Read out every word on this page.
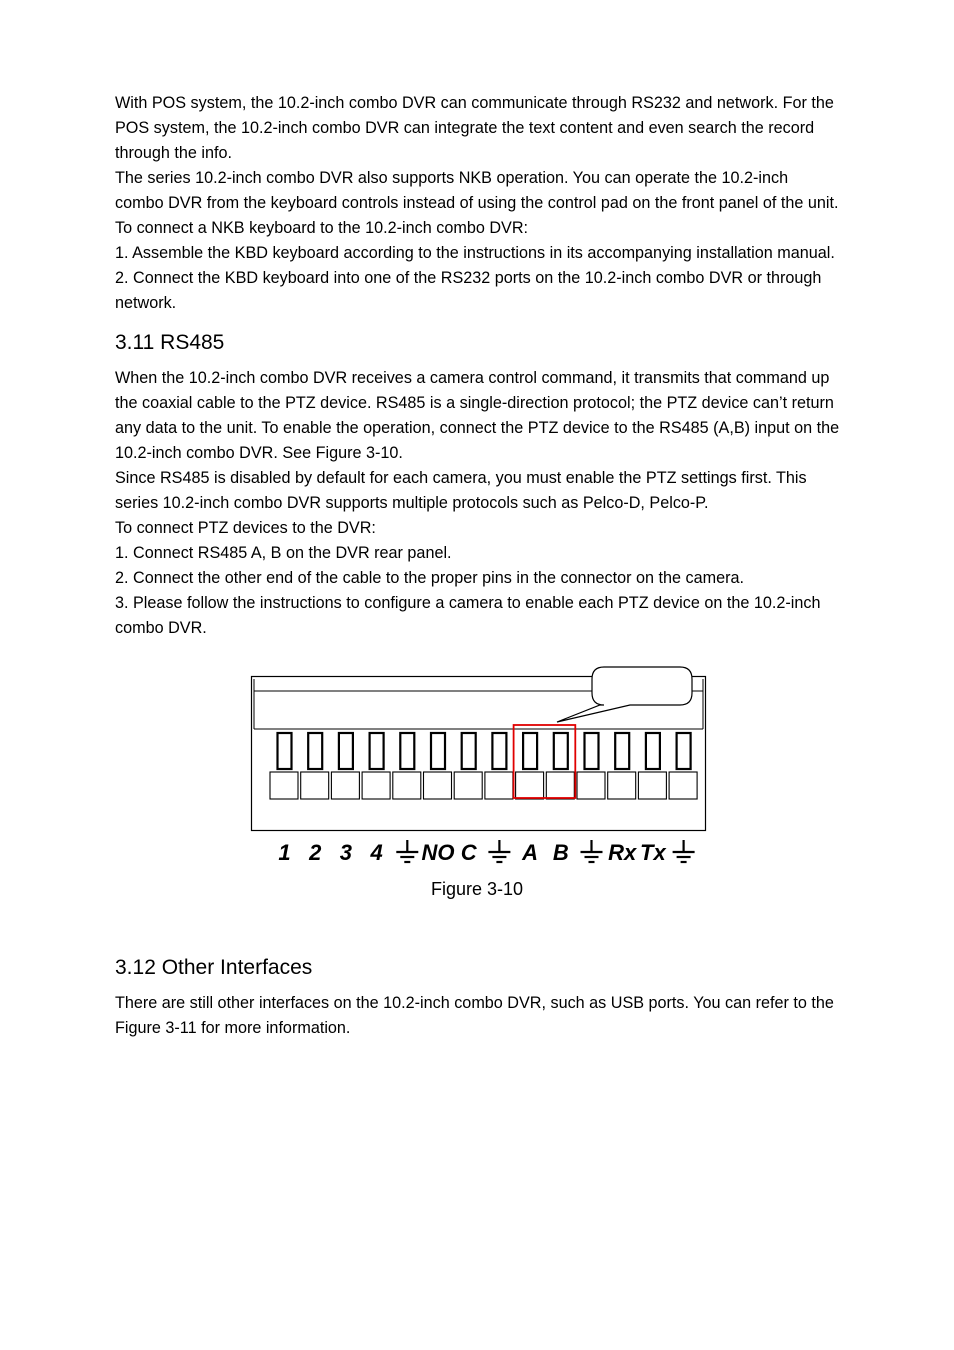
With POS system, the 10.2-inch combo DVR can communicate through RS232 and network. For the
POS system, the 10.2-inch combo DVR can integrate the text content and even search the record
through the info.
The series 10.2-inch combo DVR also supports NKB operation. You can operate the 10.2-inch
combo DVR from the keyboard controls instead of using the control pad on the front panel of the unit.
To connect a NKB keyboard to the 10.2-inch combo DVR:
1. Assemble the KBD keyboard according to the instructions in its accompanying installation manual.
2. Connect the KBD keyboard into one of the RS232 ports on the 10.2-inch combo DVR or through
network.
3.11 RS485
When the 10.2-inch combo DVR receives a camera control command, it transmits that command up
the coaxial cable to the PTZ device. RS485 is a single-direction protocol; the PTZ device can’t return
any data to the unit. To enable the operation, connect the PTZ device to the RS485 (A,B) input on the
10.2-inch combo DVR. See Figure 3-10.
Since RS485 is disabled by default for each camera, you must enable the PTZ settings first. This
series 10.2-inch combo DVR supports multiple protocols such as Pelco-D, Pelco-P.
To connect PTZ devices to the DVR:
1. Connect RS485 A, B on the DVR rear panel.
2. Connect the other end of the cable to the proper pins in the connector on the camera.
3. Please follow the instructions to configure a camera to enable each PTZ device on the 10.2-inch
combo DVR.
1 2 3 4 NO C A B Rx Tx
Figure 3-10
3.12 Other Interfaces
There are still other interfaces on the 10.2-inch combo DVR, such as USB ports. You can refer to the
Figure 3-11 for more information.
